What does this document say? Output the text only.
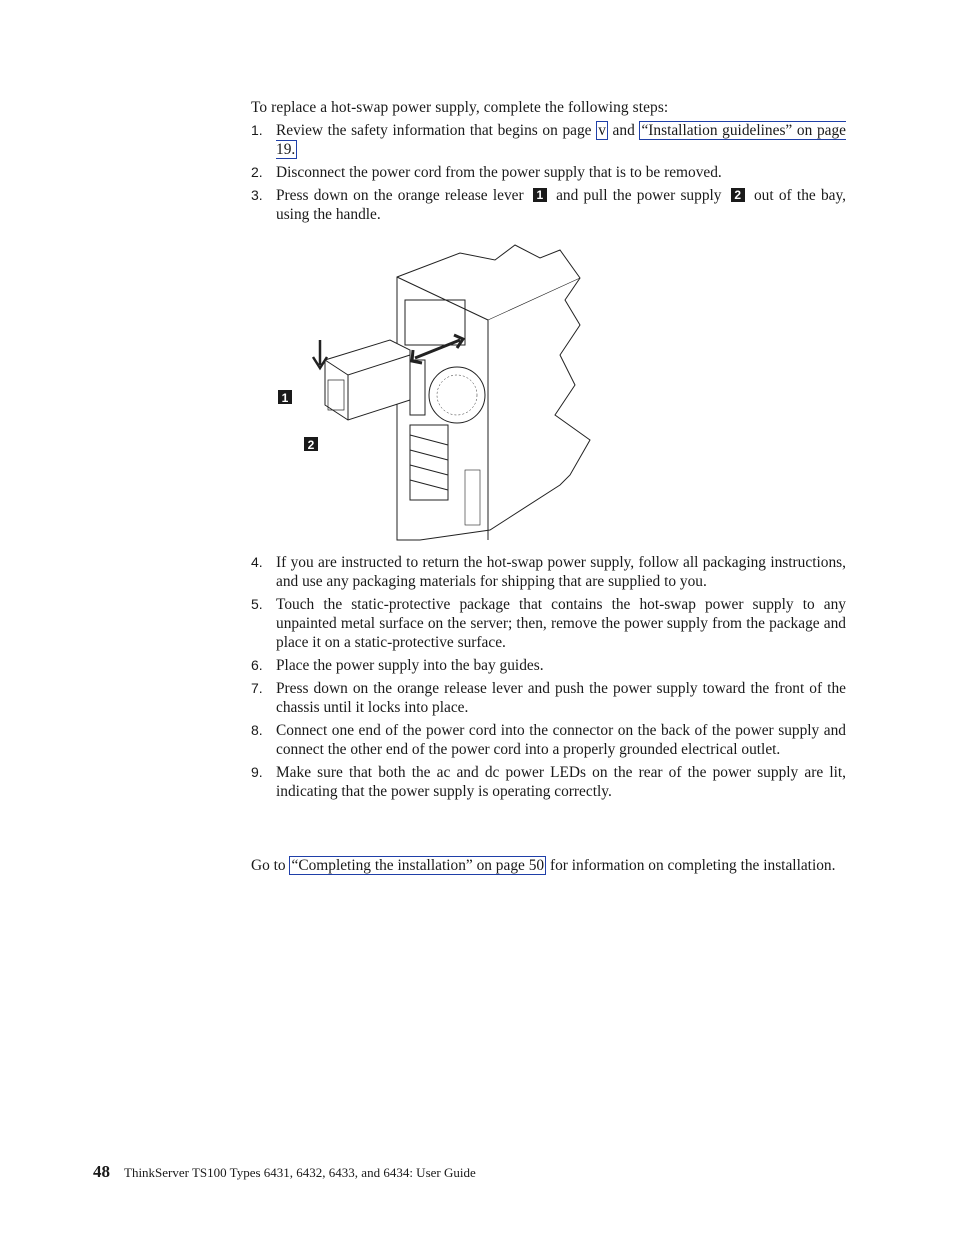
To replace a hot-swap power supply, complete the following steps:
1. Review the safety information that begins on page v and “Installation guidelines” on page 19.
2. Disconnect the power cord from the power supply that is to be removed.
3. Press down on the orange release lever 1 and pull the power supply 2 out of the bay, using the handle.
1
2
4. If you are instructed to return the hot-swap power supply, follow all packaging instructions, and use any packaging materials for shipping that are supplied to you.
5. Touch the static-protective package that contains the hot-swap power supply to any unpainted metal surface on the server; then, remove the power supply from the package and place it on a static-protective surface.
6. Place the power supply into the bay guides.
7. Press down on the orange release lever and push the power supply toward the front of the chassis until it locks into place.
8. Connect one end of the power cord into the connector on the back of the power supply and connect the other end of the power cord into a properly grounded electrical outlet.
9. Make sure that both the ac and dc power LEDs on the rear of the power supply are lit, indicating that the power supply is operating correctly.
Go to “Completing the installation” on page 50 for information on completing the installation.
48 ThinkServer TS100 Types 6431, 6432, 6433, and 6434: User Guide
